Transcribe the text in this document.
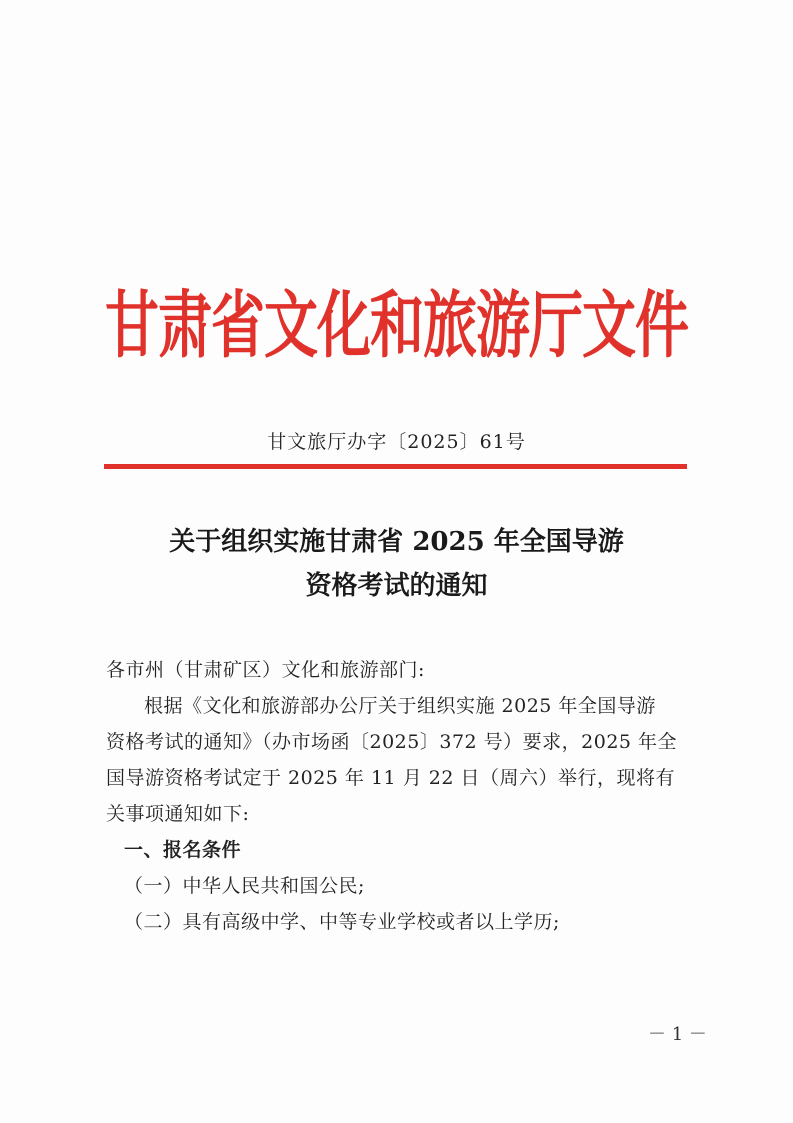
甘肃省文化和旅游厅文件
甘文旅厅办字〔2025〕61号
关于组织实施甘肃省 2025 年全国导游
资格考试的通知
各市州（甘肃矿区）文化和旅游部门:
根据《文化和旅游部办公厅关于组织实施 2025 年全国导游
资格考试的通知》（办市场函〔2025〕372 号）要求，2025 年全
国导游资格考试定于 2025 年 11 月 22 日（周六）举行，现将有
关事项通知如下:
一、报名条件
（一）中华人民共和国公民;
（二）具有高级中学、中等专业学校或者以上学历;
－ 1 －
